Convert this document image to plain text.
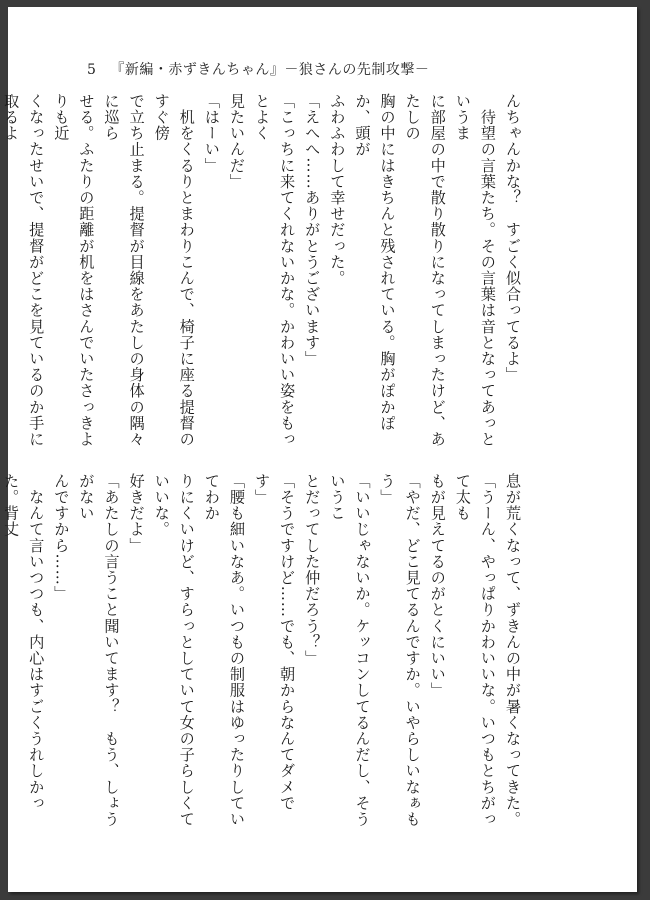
5 『新編・赤ずきんちゃん』－狼さんの先制攻撃－

んちゃんかな？　すごく似合ってるよ」

　待望の言葉たち。その言葉は音となってあっというま

に部屋の中で散り散りになってしまったけど、あたしの

胸の中にはきちんと残されている。胸がぽかぽか、頭が

ふわふわして幸せだった。

「えへへ……ありがとうございます」

「こっちに来てくれないかな。かわいい姿をもっとよく

見たいんだ」

「はーい」

　机をくるりとまわりこんで、椅子に座る提督のすぐ傍

で立ち止まる。提督が目線をあたしの身体の隅々に巡ら

せる。ふたりの距離が机をはさんでいたさっきよりも近

くなったせいで、提督がどこを見ているのか手に取るよ

息が荒くなって、ずきんの中が暑くなってきた。

「うーん、やっぱりかわいいな。いつもとちがって太も

もが見えてるのがとくにいい」

「やだ、どこ見てるんですか。いやらしいなぁもう」

「いいじゃないか。ケッコンしてるんだし、そういうこ

とだってした仲だろう？」

「そうですけど……でも、朝からなんてダメです」

「腰も細いなあ。いつもの制服はゆったりしていてわか

りにくいけど、すらっとしていて女の子らしくていいな。

好きだよ」

「あたしの言うこと聞いてます？　もう、しょうがない

んですから……」

　なんて言いつつも、内心はすごくうれしかった。背丈
